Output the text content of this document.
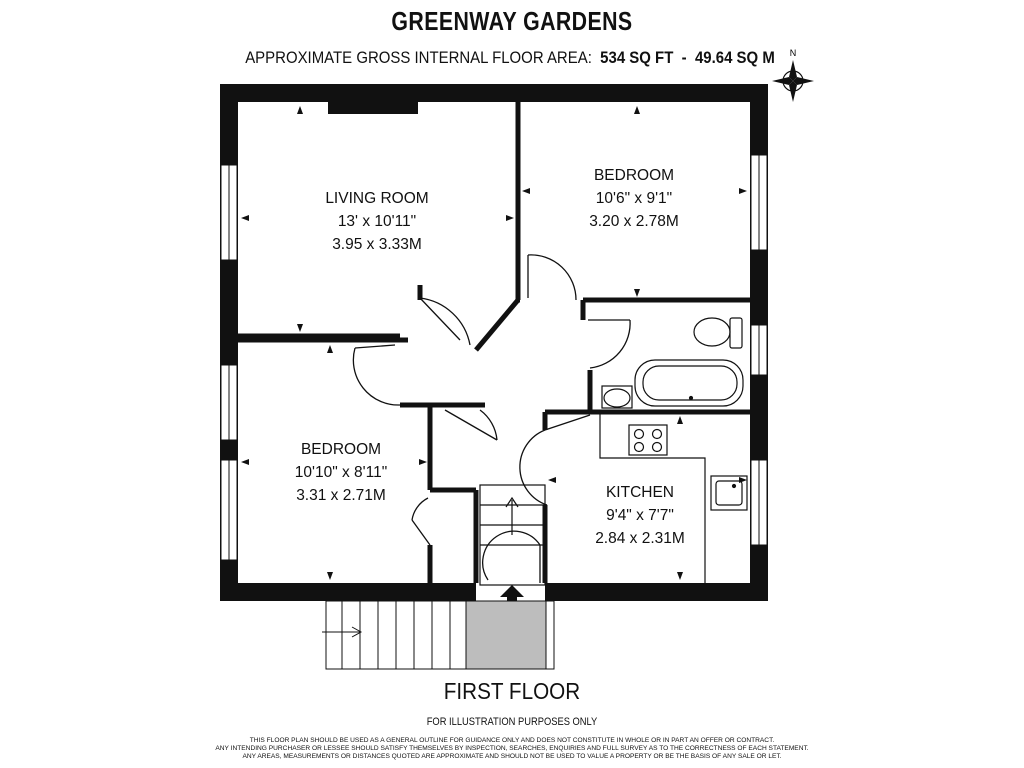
GREENWAY GARDENS
APPROXIMATE GROSS INTERNAL FLOOR AREA: 534 SQ FT - 49.64 SQ M	N
LIVING ROOM
13' x 10'11"
3.95 x 3.33M
BEDROOM
10'6" x 9'1"
3.20 x 2.78M
BEDROOM
10'10" x 8'11"
3.31 x 2.71M	KITCHEN
9'4" x 7'7"
2.84 x 2.31M
FIRST FLOOR
FOR ILLUSTRATION PURPOSES ONLY
THIS FLOOR PLAN SHOULD BE USED AS A GENERAL OUTLINE FOR GUIDANCE ONLY AND DOES NOT CONSTITUTE IN WHOLE OR IN PART AN OFFER OR CONTRACT.
ANY INTENDING PURCHASER OR LESSEE SHOULD SATISFY THEMSELVES BY INSPECTION, SEARCHES, ENQUIRIES AND FULL SURVEY AS TO THE CORRECTNESS OF EACH STATEMENT.
ANY AREAS, MEASUREMENTS OR DISTANCES QUOTED ARE APPROXIMATE AND SHOULD NOT BE USED TO VALUE A PROPERTY OR BE THE BASIS OF ANY SALE OR LET.
